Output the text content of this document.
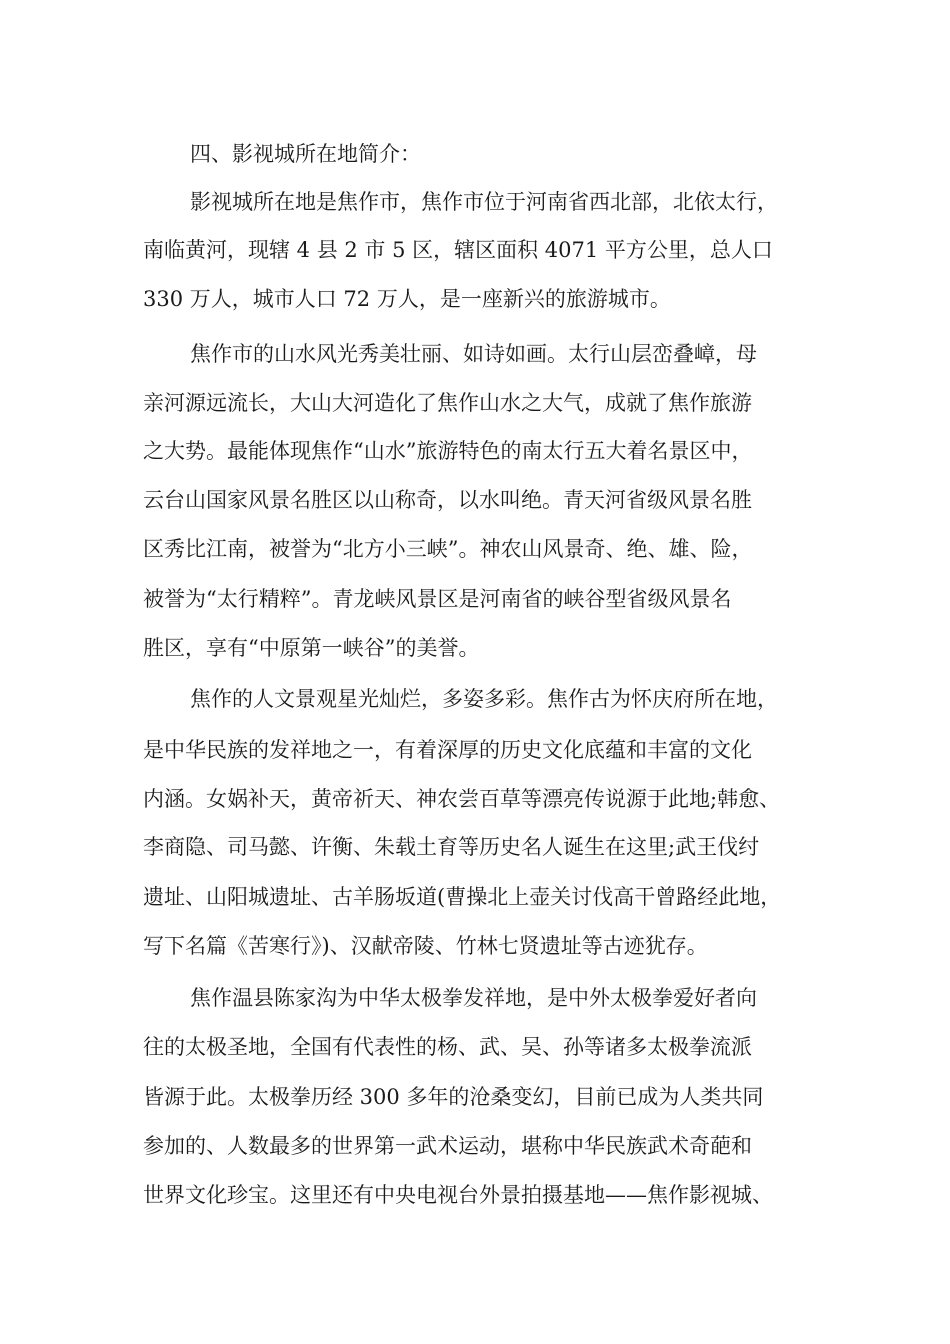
四、影视城所在地简介：
影视城所在地是焦作市，焦作市位于河南省西北部，北依太行，
南临黄河，现辖 4 县 2 市 5 区，辖区面积 4071 平方公里，总人口
330 万人，城市人口 72 万人，是一座新兴的旅游城市。
焦作市的山水风光秀美壮丽、如诗如画。太行山层峦叠嶂，母
亲河源远流长，大山大河造化了焦作山水之大气，成就了焦作旅游
之大势。最能体现焦作“山水”旅游特色的南太行五大着名景区中，
云台山国家风景名胜区以山称奇，以水叫绝。青天河省级风景名胜
区秀比江南，被誉为“北方小三峡”。神农山风景奇、绝、雄、险，
被誉为“太行精粹”。青龙峡风景区是河南省的峡谷型省级风景名
胜区，享有“中原第一峡谷”的美誉。
焦作的人文景观星光灿烂，多姿多彩。焦作古为怀庆府所在地，
是中华民族的发祥地之一，有着深厚的历史文化底蕴和丰富的文化
内涵。女娲补天，黄帝祈天、神农尝百草等漂亮传说源于此地;韩愈、
李商隐、司马懿、许衡、朱载土育等历史名人诞生在这里;武王伐纣
遗址、山阳城遗址、古羊肠坂道(曹操北上壶关讨伐高干曾路经此地，
写下名篇《苦寒行》)、汉献帝陵、竹林七贤遗址等古迹犹存。
焦作温县陈家沟为中华太极拳发祥地，是中外太极拳爱好者向
往的太极圣地，全国有代表性的杨、武、吴、孙等诸多太极拳流派
皆源于此。太极拳历经 300 多年的沧桑变幻，目前已成为人类共同
参加的、人数最多的世界第一武术运动，堪称中华民族武术奇葩和
世界文化珍宝。这里还有中央电视台外景拍摄基地——焦作影视城、
